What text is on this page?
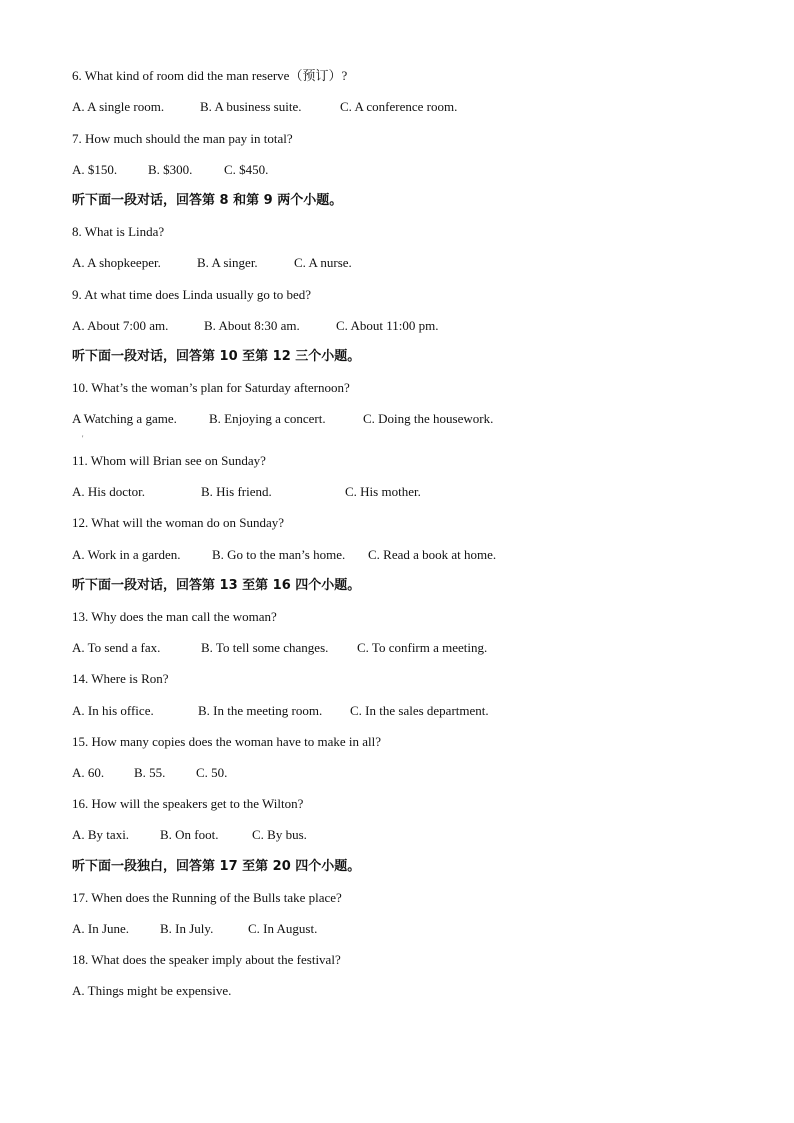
6. What kind of room did the man reserve（预订）?
A. A single room.	B. A business suite.	C. A conference room.
7. How much should the man pay in total?
A. $150. B. $300. C. $450.
听下面一段对话，回答第 8 和第 9 两个小题。
8. What is Linda?
A. A shopkeeper.	B. A singer.	C. A nurse.
9. At what time does Linda usually go to bed?
A. About 7:00 am.	B. About 8:30 am.	C. About 11:00 pm.
听下面一段对话，回答第 10 至第 12 三个小题。
10. What’s the woman’s plan for Saturday afternoon?
A Watching a game. B. Enjoying a concert.	C. Doing the housework.
'
11. Whom will Brian see on Sunday?
A. His doctor.	B. His friend.	C. His mother.
12. What will the woman do on Sunday?
A. Work in a garden. B. Go to the man’s home. C. Read a book at home.
听下面一段对话，回答第 13 至第 16 四个小题。
13. Why does the man call the woman?
A. To send a fax.	B. To tell some changes. C. To confirm a meeting.
14. Where is Ron?
A. In his office.	B. In the meeting room. C. In the sales department.
15. How many copies does the woman have to make in all?
A. 60. B. 55. C. 50.
16. How will the speakers get to the Wilton?
A. By taxi. B. On foot.	C. By bus.
听下面一段独白，回答第 17 至第 20 四个小题。
17. When does the Running of the Bulls take place?
A. In June. B. In July.	C. In August.
18. What does the speaker imply about the festival?
A. Things might be expensive.
